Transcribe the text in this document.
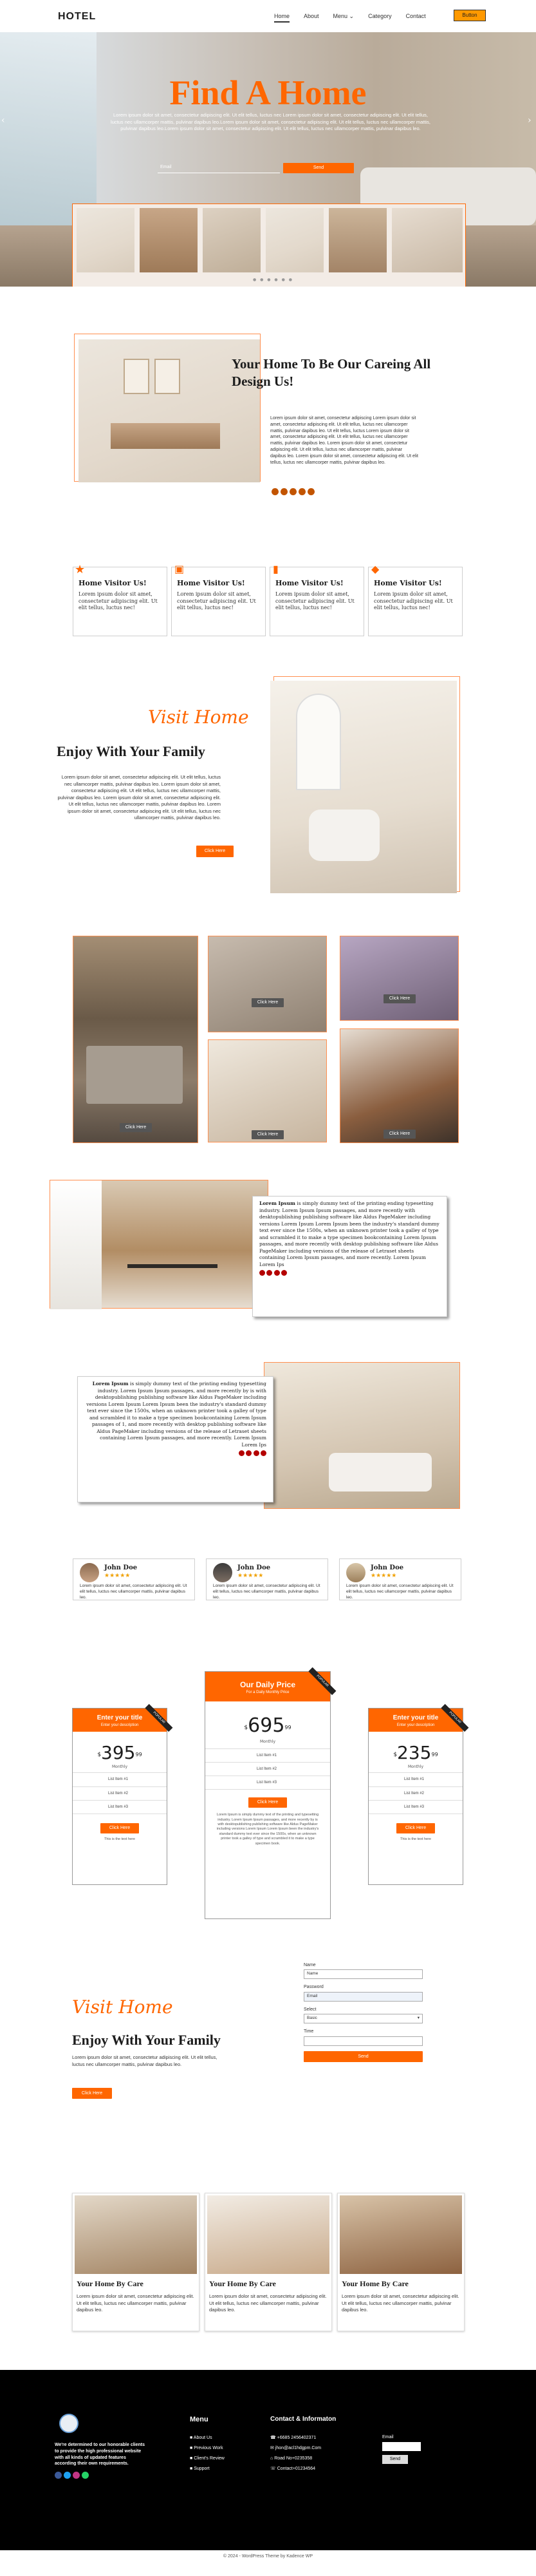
HOTEL	Home About Menu ⌄ Category Contact	Button
Find A Home
Lorem ipsum dolor sit amet, consectetur adipiscing elit. Ut elit tellus, luctus nec Lorem ipsum dolor sit amet, consectetur adipiscing elit. Ut elit tellus, luctus nec ullamcorper mattis, pulvinar dapibus leo.Lorem ipsum dolor sit amet, consectetur adipiscing elit. Ut elit tellus, luctus nec ullamcorper mattis, pulvinar dapibus leo.Lorem ipsum dolor sit amet, consectetur adipiscing elit. Ut elit tellus, luctus nec ullamcorper mattis, pulvinar dapibus leo.
Email	Send
● ● ● ● ● ●
‹	›
Your Home To Be Our Careing All Design Us!
Lorem ipsum dolor sit amet, consectetur adipiscing Lorem ipsum dolor sit amet, consectetur adipiscing elit. Ut elit tellus, luctus nec ullamcorper mattis, pulvinar dapibus leo. Ut elit tellus, luctus Lorem ipsum dolor sit amet, consectetur adipiscing elit. Ut elit tellus, luctus nec ullamcorper mattis, pulvinar dapibus leo. Lorem ipsum dolor sit amet, consectetur adipiscing elit. Ut elit tellus, luctus nec ullamcorper mattis, pulvinar dapibus leo. Lorem ipsum dolor sit amet, consectetur adipiscing elit. Ut elit tellus, luctus nec ullamcorper mattis, pulvinar dapibus leo.
★
Home Visitor Us!
Lorem ipsum dolor sit amet, consectetur adipiscing elit. Ut elit tellus, luctus nec!
▣
Home Visitor Us!
Lorem ipsum dolor sit amet, consectetur adipiscing elit. Ut elit tellus, luctus nec!
▮
Home Visitor Us!
Lorem ipsum dolor sit amet, consectetur adipiscing elit. Ut elit tellus, luctus nec!
◆
Home Visitor Us!
Lorem ipsum dolor sit amet, consectetur adipiscing elit. Ut elit tellus, luctus nec!
Visit Home
Enjoy With Your Family
Lorem ipsum dolor sit amet, consectetur adipiscing elit. Ut elit tellus, luctus nec ullamcorper mattis, pulvinar dapibus leo. Lorem ipsum dolor sit amet, consectetur adipiscing elit. Ut elit tellus, luctus nec ullamcorper mattis, pulvinar dapibus leo. Lorem ipsum dolor sit amet, consectetur adipiscing elit. Ut elit tellus, luctus nec ullamcorper mattis, pulvinar dapibus leo. Lorem ipsum dolor sit amet, consectetur adipiscing elit. Ut elit tellus, luctus nec ullamcorper mattis, pulvinar dapibus leo.
Click Here
Click Here
Click Here
Click Here
Click Here	Click Here
Lorem Ipsum is simply dummy text of the printing ending typesetting industry. Lorem Ipsum Ipsum passages, and more recently with desktopublishing publishing software like Aldus PageMaker including versions Lorem Ipsum Lorem Ipsum been the industry's standard dummy text ever since the 1500s, when an unknown printer took a galley of type and scrambled it to make a type specimen bookcontaining Lorem Ipsum passages, and more recently with desktop publishing software like Aldus PageMaker including versions of the release of Letraset sheets containing Lorem Ipsum passages, and more recently. Lorem Ipsum Lorem Ips

Lorem Ipsum is simply dummy text of the printing ending typesetting industry. Lorem Ipsum Ipsum passages, and more recently by is with desktopublishing publishing software like Aldus PageMaker including versions Lorem Ipsum Lorem Ipsum been the industry's standard dummy text ever since the 1500s, when an unknown printer took a galley of type and scrambled it to make a type specimen bookcontaining Lorem Ipsum passages of 1, and more recently with desktop publishing software like Aldus PageMaker including versions of the release of Letraset sheets containing Lorem Ipsum passages, and more recently. Lorem Ipsum Lorem Ips

John Doe
★★★★★
Lorem ipsum dolor sit amet, consectetur adipiscing elit. Ut elit tellus, luctus nec ullamcorper mattis, pulvinar dapibus leo.
John Doe
★★★★★
Lorem ipsum dolor sit amet, consectetur adipiscing elit. Ut elit tellus, luctus nec ullamcorper mattis, pulvinar dapibus leo.
John Doe
★★★★★
Lorem ipsum dolor sit amet, consectetur adipiscing elit. Ut elit tellus, luctus nec ullamcorper mattis, pulvinar dapibus leo.
Enter your title
Enter your description
POPULAR
$^{\$}395^{99}$
Monthly
List Item #1
List Item #2
List Item #3
Click Here
This is the text here
Our Daily Price
For a Daily Monthly Price
POPULAR
$^{\$}695^{99}$
Monthly
List Item #1
List Item #2
List Item #3
Click Here
Lorem Ipsum is simply dummy text of the printing and typesetting industry. Lorem Ipsum Ipsum passages, and more recently by is with desktopublishing publishing software like Aldus PageMaker including versions Lorem Ipsum Lorem Ipsum been the industry's standard dummy text ever since the 1500s, when an unknown printer took a galley of type and scrambled it to make a type specimen book.
Enter your title
Enter your description
POPULAR
$^{\$}235^{99}$
Monthly
List Item #1
List Item #2
List Item #3
Click Here
This is the text here
Visit Home
Enjoy With Your Family
Lorem ipsum dolor sit amet, consectetur adipiscing elit. Ut elit tellus, luctus nec ullamcorper mattis, pulvinar dapibus leo.
Click Here
Name
Name
Password
Email
Select
Basic	▾
Time
Send
Your Home By Care
Lorem ipsum dolor sit amet, consectetur adipiscing elit. Ut elit tellus, luctus nec ullamcorper mattis, pulvinar dapibus leo.
Your Home By Care
Lorem ipsum dolor sit amet, consectetur adipiscing elit. Ut elit tellus, luctus nec ullamcorper mattis, pulvinar dapibus leo.
Your Home By Care
Lorem ipsum dolor sit amet, consectetur adipiscing elit. Ut elit tellus, luctus nec ullamcorper mattis, pulvinar dapibus leo.
We're determined to our honorable clients to provide the high professional website with all kinds of updated features according their own requirements.
Menu
■ About Us
■ Previous Work
■ Client's Review
■ Support
Contact & Informaton
☎ +6685 2456402371
✉ jhon@acl1hdgpm.Com
⌂ Road No+0235358
☏ Contact+01234564
Email
Send
© 2024 - WordPress Theme by Kadence WP
